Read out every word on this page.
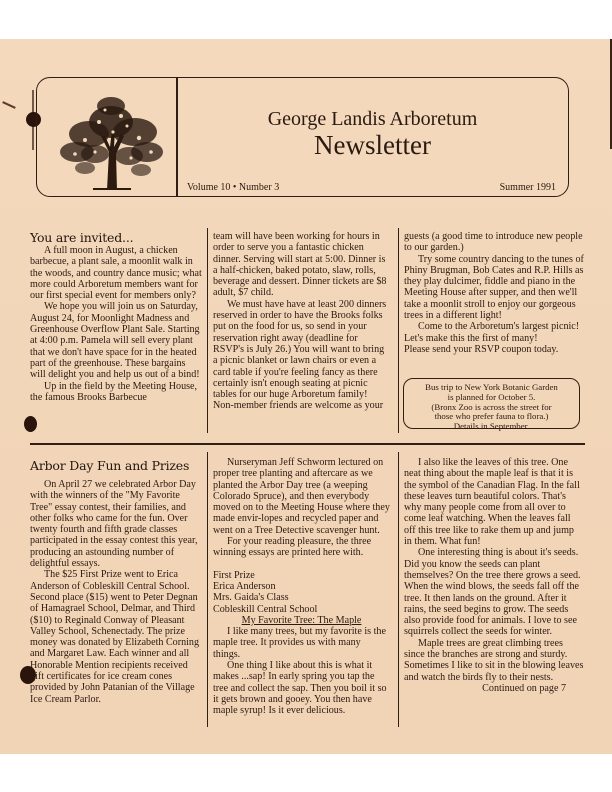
George Landis Arboretum
Newsletter
Volume 10 • Number 3	Summer 1991
You are invited...

A full moon in August, a chicken barbecue, a plant sale, a moonlit walk in the woods, and country dance music; what more could Arboretum members want for our first special event for members only?

We hope you will join us on Saturday, August 24, for Moonlight Madness and Greenhouse Overflow Plant Sale. Starting at 4:00 p.m. Pamela will sell every plant that we don't have space for in the heated part of the greenhouse. These bargains will delight you and help us out of a bind!

Up in the field by the Meeting House, the famous Brooks Barbecue

team will have been working for hours in order to serve you a fantastic chicken dinner. Serving will start at 5:00. Dinner is a half-chicken, baked potato, slaw, rolls, beverage and dessert. Dinner tickets are $8 adult, $7 child.

We must have have at least 200 dinners reserved in order to have the Brooks folks put on the food for us, so send in your reservation right away (deadline for RSVP's is July 26.) You will want to bring a picnic blanket or lawn chairs or even a card table if you're feeling fancy as there certainly isn't enough seating at picnic tables for our huge Arboretum family! Non-member friends are welcome as your

guests (a good time to introduce new people to our garden.)

Try some country dancing to the tunes of Phiny Brugman, Bob Cates and R.P. Hills as they play dulcimer, fiddle and piano in the Meeting House after supper, and then we'll take a moonlit stroll to enjoy our gorgeous trees in a different light!

Come to the Arboretum's largest picnic! Let's make this the first of many!

Please send your RSVP coupon today.

Bus trip to New York Botanic Garden
is planned for October 5.
(Bronx Zoo is across the street for
those who prefer fauna to flora.)
Details in September.
Arbor Day Fun and Prizes

On April 27 we celebrated Arbor Day with the winners of the "My Favorite Tree" essay contest, their families, and other folks who came for the fun. Over twenty fourth and fifth grade classes participated in the essay contest this year, producing an astounding number of delightful essays.

The $25 First Prize went to Erica Anderson of Cobleskill Central School. Second place ($15) went to Peter Degnan of Hamagrael School, Delmar, and Third ($10) to Reginald Conway of Pleasant Valley School, Schenectady. The prize money was donated by Elizabeth Corning and Margaret Law. Each winner and all Honorable Mention recipients received gift certificates for ice cream cones provided by John Patanian of the Village Ice Cream Parlor.

Nurseryman Jeff Schworm lectured on proper tree planting and aftercare as we planted the Arbor Day tree (a weeping Colorado Spruce), and then everybody moved on to the Meeting House where they made envir-lopes and recycled paper and went on a Tree Detective scavenger hunt.

For your reading pleasure, the three winning essays are printed here with.

First Prize

Erica Anderson

Mrs. Gaida's Class

Cobleskill Central School

My Favorite Tree: The Maple

I like many trees, but my favorite is the maple tree. It provides us with many things.

One thing I like about this is what it makes ...sap! In early spring you tap the tree and collect the sap. Then you boil it so it gets brown and gooey. You then have maple syrup! Is it ever delicious.

I also like the leaves of this tree. One neat thing about the maple leaf is that it is the symbol of the Canadian Flag. In the fall these leaves turn beautiful colors. That's why many people come from all over to come leaf watching. When the leaves fall off this tree like to rake them up and jump in them. What fun!

One interesting thing is about it's seeds. Did you know the seeds can plant themselves? On the tree there grows a seed. When the wind blows, the seeds fall off the tree. It then lands on the ground. After it rains, the seed begins to grow. The seeds also provide food for animals. I love to see squirrels collect the seeds for winter.

Maple trees are great climbing trees since the branches are strong and sturdy. Sometimes I like to sit in the blowing leaves and watch the birds fly to their nests.

Continued on page 7
